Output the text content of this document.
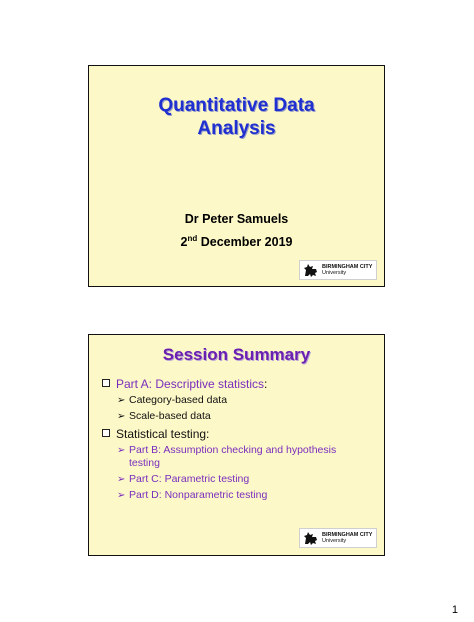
Quantitative Data
Analysis
Dr Peter Samuels
2nd December 2019
BIRMINGHAM CITY
University
Session Summary
Part A: Descriptive statistics:
➢ Category-based data
➢ Scale-based data
Statistical testing:
➢ Part B: Assumption checking and hypothesis
testing
➢ Part C: Parametric testing
➢ Part D: Nonparametric testing
BIRMINGHAM CITY
University
1
